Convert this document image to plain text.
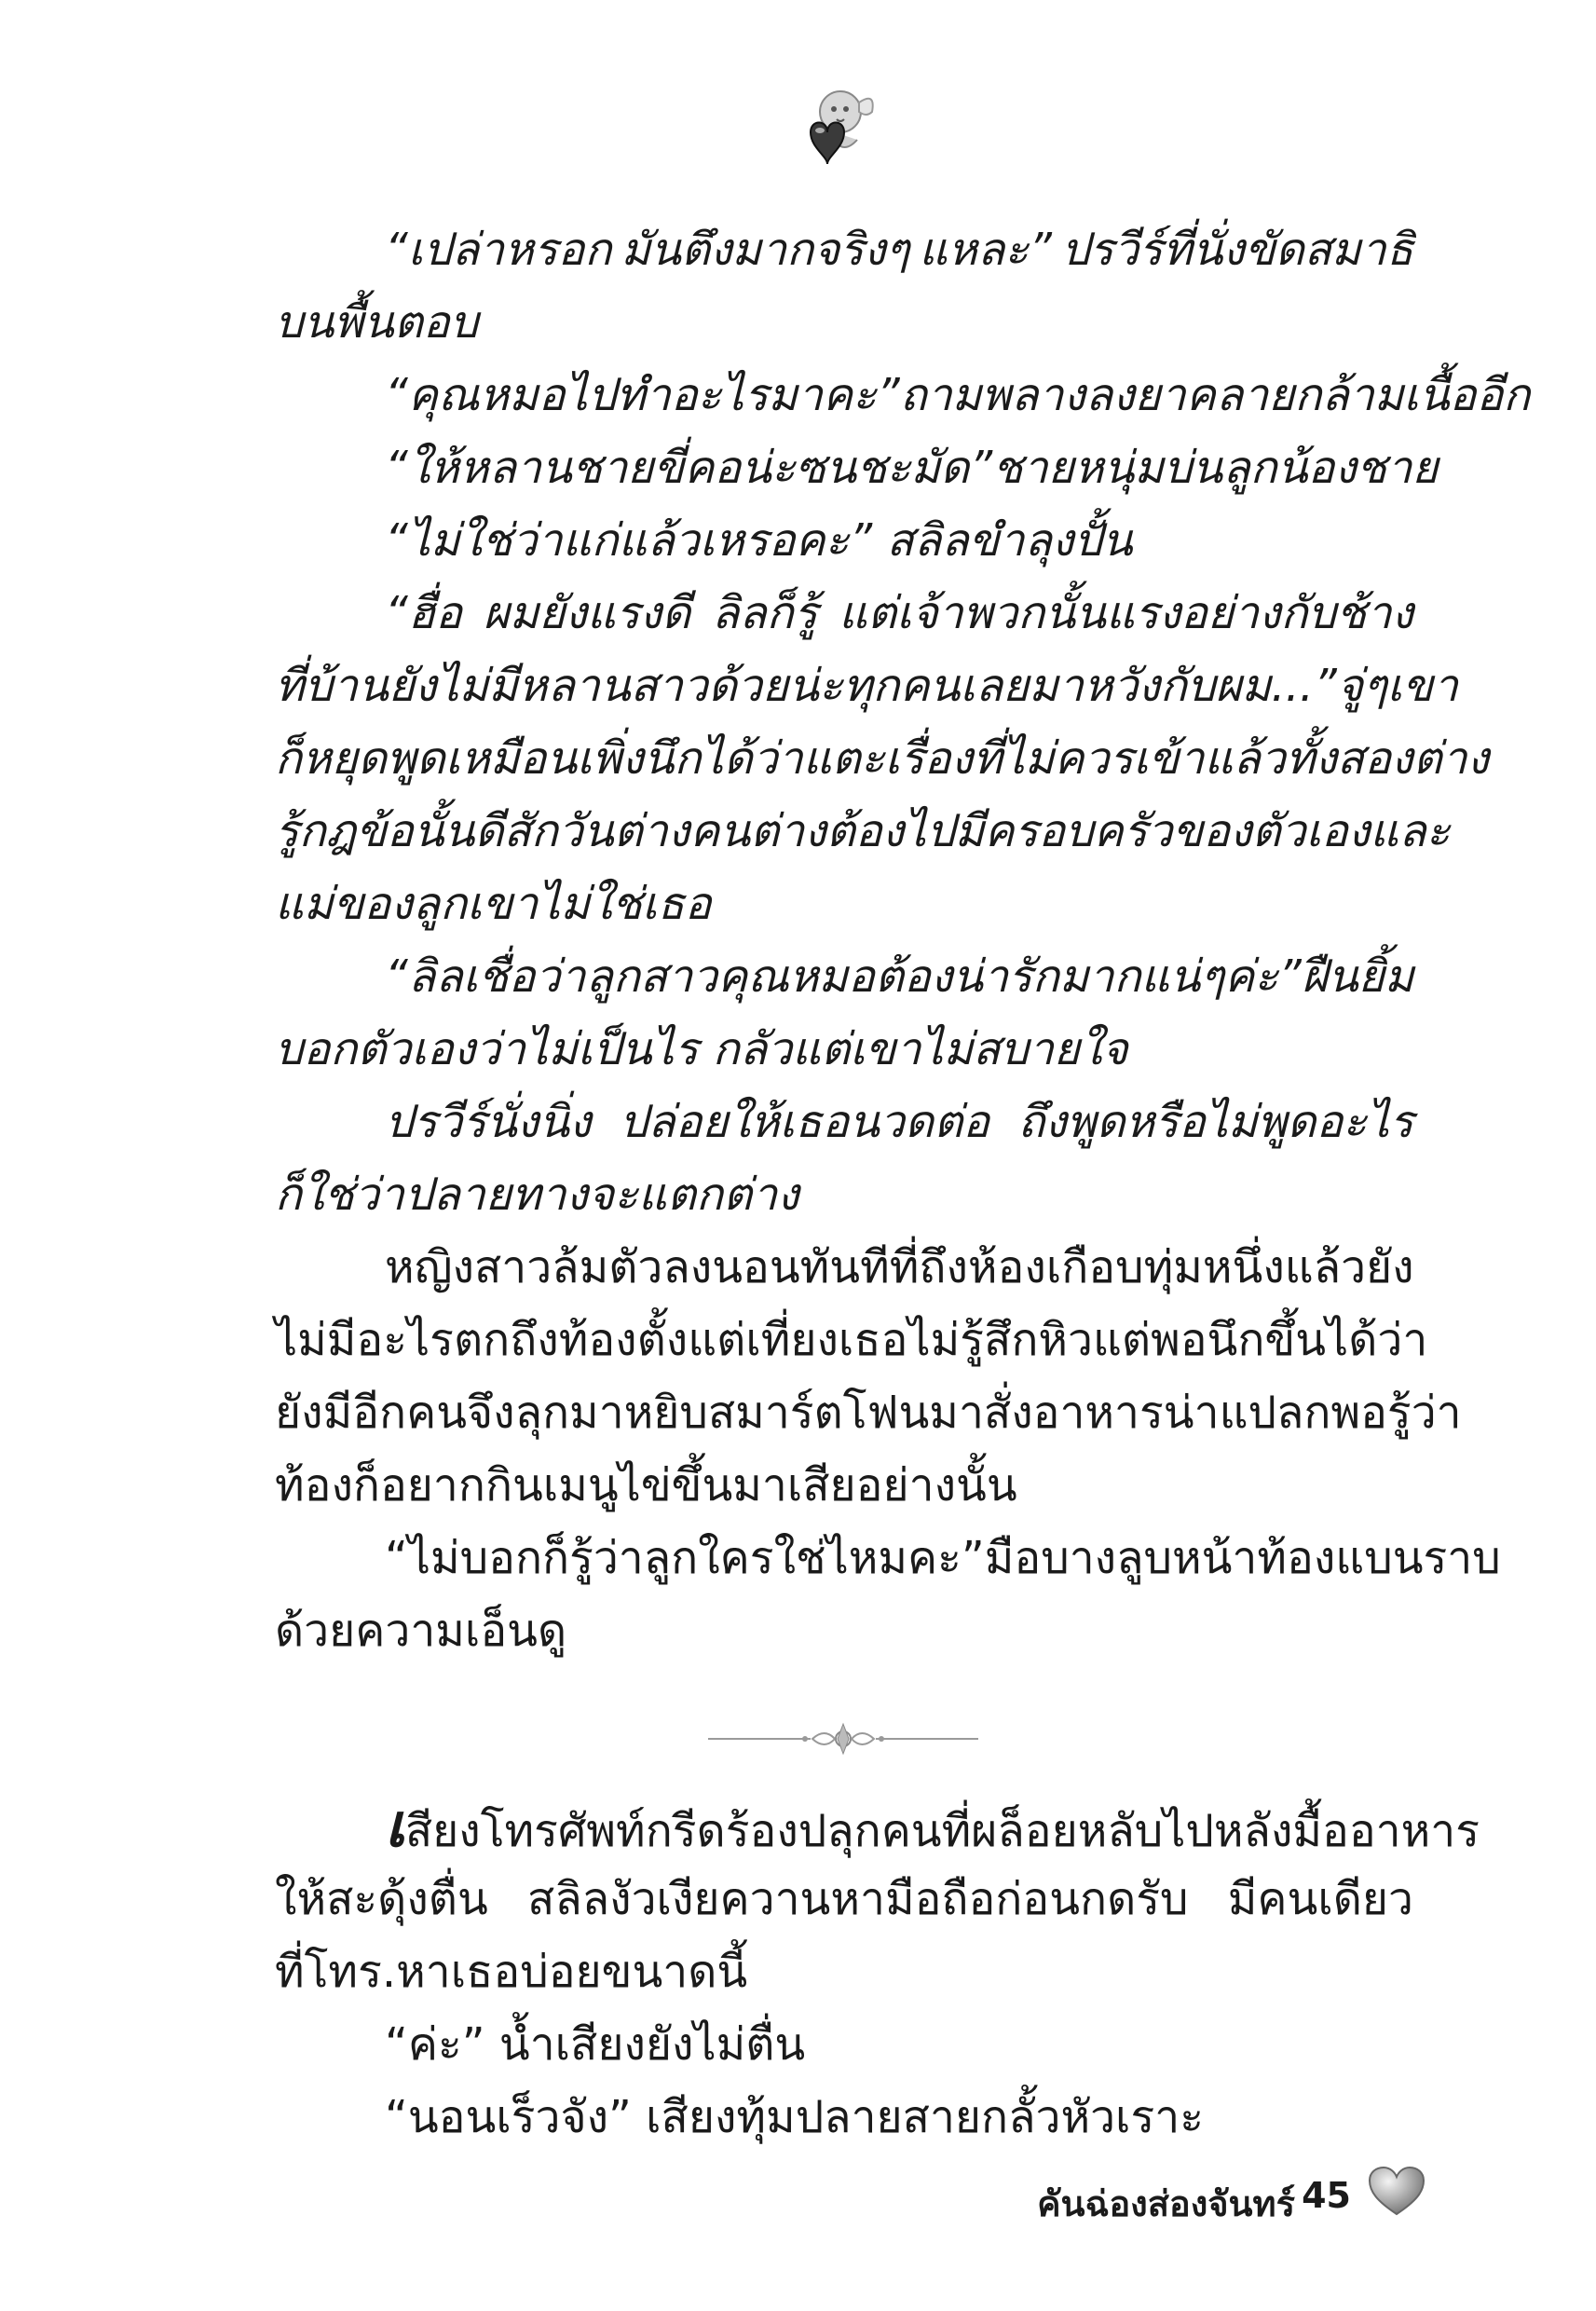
“เปล่าหรอก มันตึงมากจริงๆ แหละ” ปรวีร์ที่นั่งขัดสมาธิ
บนพื้นตอบ
“คุณหมอไปทำอะไรมาคะ” ถามพลางลงยาคลายกล้ามเนื้ออีก
“ให้หลานชายขี่คอน่ะ ซนชะมัด” ชายหนุ่มบ่นลูกน้องชาย
“ไม่ใช่ว่าแก่แล้วเหรอคะ” สลิลขำลุงปั้น
“ฮื่อ ผมยังแรงดี ลิลก็รู้ แต่เจ้าพวกนั้นแรงอย่างกับช้าง
ที่บ้านยังไม่มีหลานสาวด้วยน่ะ ทุกคนเลยมาหวังกับผม...” จู่ๆ เขา
ก็หยุดพูดเหมือนเพิ่งนึกได้ว่าแตะเรื่องที่ไม่ควรเข้าแล้ว ทั้งสองต่าง
รู้กฎข้อนั้นดี สักวันต่างคนต่างต้องไปมีครอบครัวของตัวเอง และ
แม่ของลูกเขาไม่ใช่เธอ
“ลิลเชื่อว่าลูกสาวคุณหมอต้องน่ารักมากแน่ๆ ค่ะ” ฝืนยิ้ม
บอกตัวเองว่าไม่เป็นไร กลัวแต่เขาไม่สบายใจ
ปรวีร์นั่งนิ่ง ปล่อยให้เธอนวดต่อ ถึงพูดหรือไม่พูดอะไร
ก็ใช่ว่าปลายทางจะแตกต่าง
หญิงสาวล้มตัวลงนอนทันทีที่ถึงห้อง เกือบทุ่มหนึ่งแล้วยัง
ไม่มีอะไรตกถึงท้องตั้งแต่เที่ยง เธอไม่รู้สึกหิว แต่พอนึกขึ้นได้ว่า
ยังมีอีกคนจึงลุกมาหยิบสมาร์ตโฟนมาสั่งอาหาร น่าแปลก พอรู้ว่า
ท้องก็อยากกินเมนูไข่ขึ้นมาเสียอย่างนั้น
“ไม่บอกก็รู้ว่าลูกใคร ใช่ไหมคะ” มือบางลูบหน้าท้องแบนราบ
ด้วยความเอ็นดู
เสียงโทรศัพท์กรีดร้องปลุกคนที่ผล็อยหลับไปหลังมื้ออาหาร
ให้สะดุ้งตื่น สลิลงัวเงียควานหามือถือก่อนกดรับ มีคนเดียว
ที่โทร.หาเธอบ่อยขนาดนี้
“ค่ะ” น้ำเสียงยังไม่ตื่น
“นอนเร็วจัง” เสียงทุ้มปลายสายกลั้วหัวเราะ
คันฉ่องส่องจันทร์ 45
